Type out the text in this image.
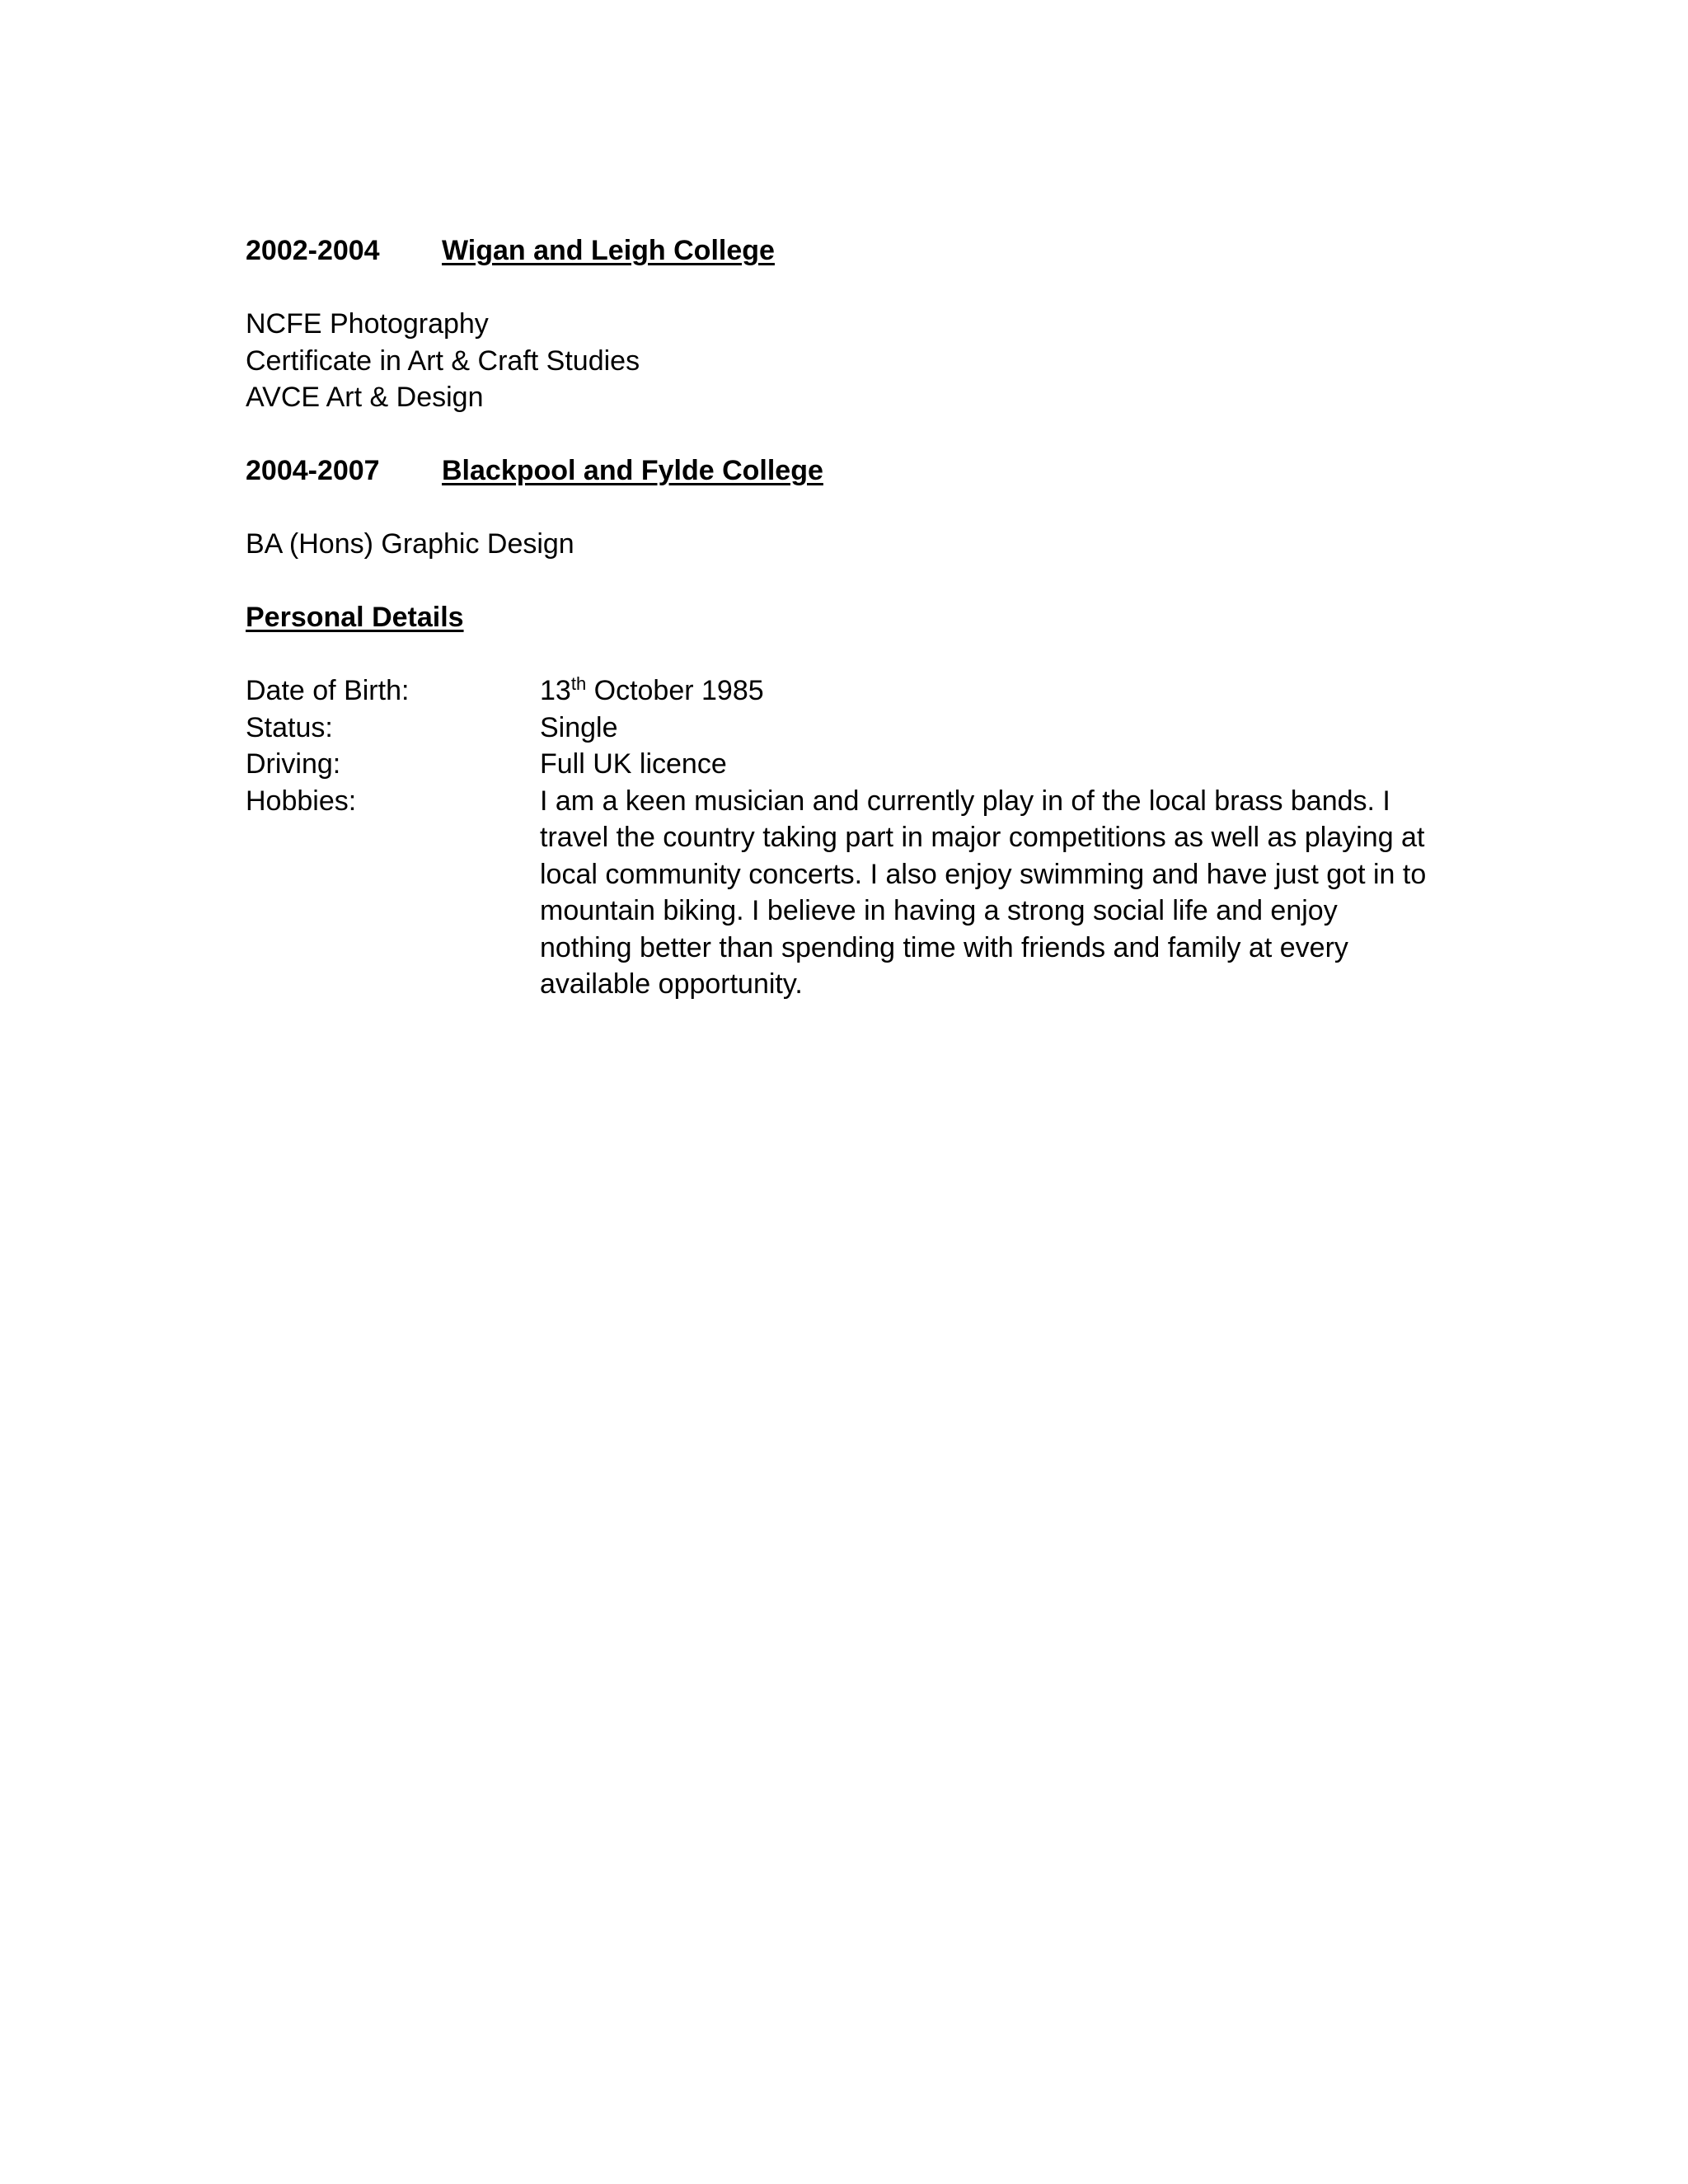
2002-2004 Wigan and Leigh College
NCFE Photography
Certificate in Art & Craft Studies
AVCE Art & Design
2004-2007 Blackpool and Fylde College
BA (Hons) Graphic Design
Personal Details
Date of Birth:	13th October 1985
Status:	Single
Driving:	Full UK licence
Hobbies:	I am a keen musician and currently play in of the local brass bands. I
travel the country taking part in major competitions as well as playing at
local community concerts. I also enjoy swimming and have just got in to
mountain biking. I believe in having a strong social life and enjoy
nothing better than spending time with friends and family at every
available opportunity.
